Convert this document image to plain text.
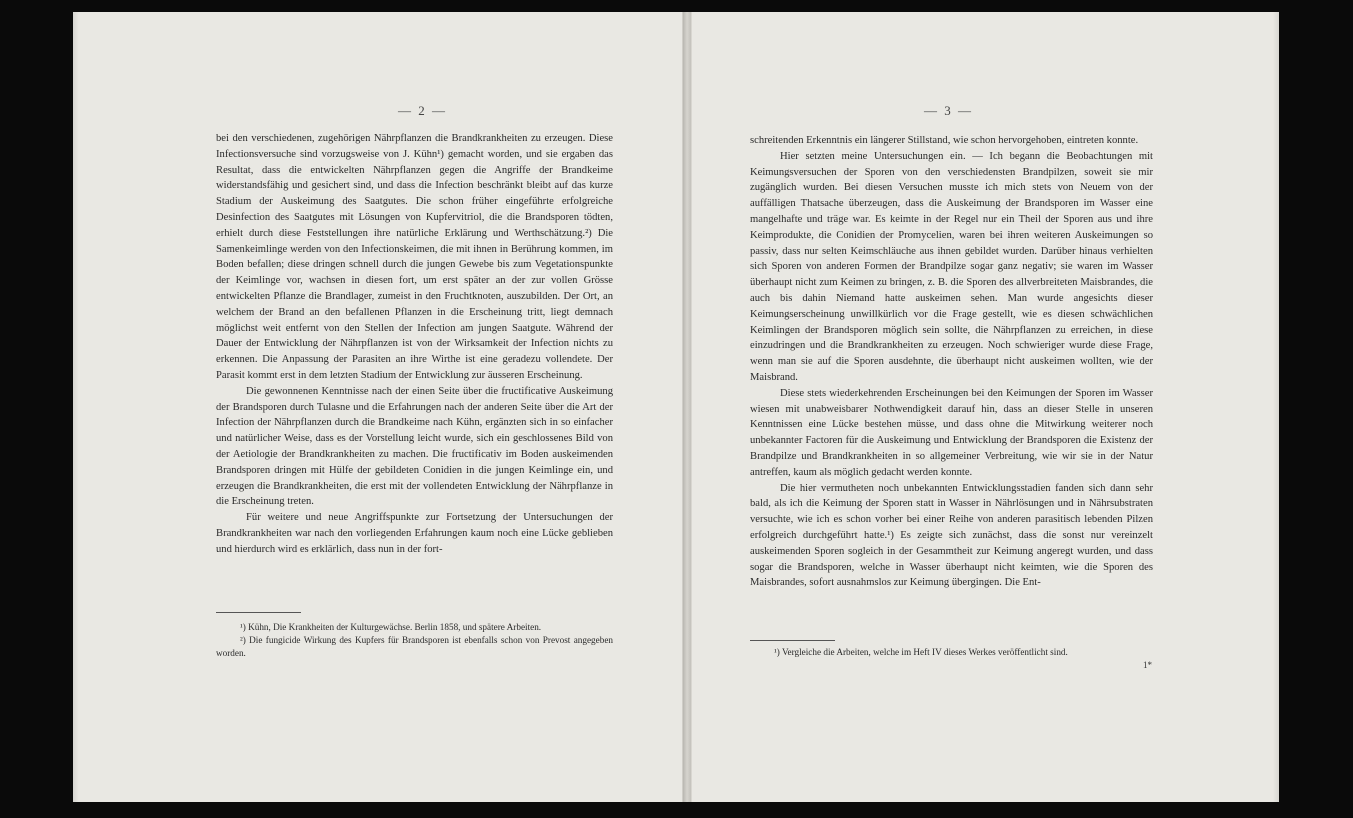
— 2 —

bei den verschiedenen, zugehörigen Nährpflanzen die Brandkrankheiten zu erzeugen. Diese Infectionsversuche sind vorzugsweise von J. Kühn¹) gemacht worden, und sie ergaben das Resultat, dass die entwickelten Nährpflanzen gegen die Angriffe der Brandkeime widerstandsfähig und gesichert sind, und dass die Infection beschränkt bleibt auf das kurze Stadium der Auskeimung des Saatgutes. Die schon früher eingeführte erfolgreiche Desinfection des Saatgutes mit Lösungen von Kupfervitriol, die die Brandsporen tödten, erhielt durch diese Feststellungen ihre natürliche Erklärung und Werthschätzung.²) Die Samenkeimlinge werden von den Infectionskeimen, die mit ihnen in Berührung kommen, im Boden befallen; diese dringen schnell durch die jungen Gewebe bis zum Vegetationspunkte der Keimlinge vor, wachsen in diesen fort, um erst später an der zur vollen Grösse entwickelten Pflanze die Brandlager, zumeist in den Fruchtknoten, auszubilden. Der Ort, an welchem der Brand an den befallenen Pflanzen in die Erscheinung tritt, liegt demnach möglichst weit entfernt von den Stellen der Infection am jungen Saatgute. Während der Dauer der Entwicklung der Nährpflanzen ist von der Wirksamkeit der Infection nichts zu erkennen. Die Anpassung der Parasiten an ihre Wirthe ist eine geradezu vollendete. Der Parasit kommt erst in dem letzten Stadium der Entwicklung zur äusseren Erscheinung.

Die gewonnenen Kenntnisse nach der einen Seite über die fructificative Auskeimung der Brandsporen durch Tulasne und die Erfahrungen nach der anderen Seite über die Art der Infection der Nährpflanzen durch die Brandkeime nach Kühn, ergänzten sich in so einfacher und natürlicher Weise, dass es der Vorstellung leicht wurde, sich ein geschlossenes Bild von der Aetiologie der Brandkrankheiten zu machen. Die fructificativ im Boden auskeimenden Brandsporen dringen mit Hülfe der gebildeten Conidien in die jungen Keimlinge ein, und erzeugen die Brandkrankheiten, die erst mit der vollendeten Entwicklung der Nährpflanze in die Erscheinung treten.

Für weitere und neue Angriffspunkte zur Fortsetzung der Untersuchungen der Brandkrankheiten war nach den vorliegenden Erfahrungen kaum noch eine Lücke geblieben und hierdurch wird es erklärlich, dass nun in der fort-

¹) Kühn, Die Krankheiten der Kulturgewächse. Berlin 1858, und spätere Arbeiten.

²) Die fungicide Wirkung des Kupfers für Brandsporen ist ebenfalls schon von Prevost angegeben worden.

— 3 —

schreitenden Erkenntnis ein längerer Stillstand, wie schon hervorgehoben, eintreten konnte.

Hier setzten meine Untersuchungen ein. — Ich begann die Beobachtungen mit Keimungsversuchen der Sporen von den verschiedensten Brandpilzen, soweit sie mir zugänglich wurden. Bei diesen Versuchen musste ich mich stets von Neuem von der auffälligen Thatsache überzeugen, dass die Auskeimung der Brandsporen im Wasser eine mangelhafte und träge war. Es keimte in der Regel nur ein Theil der Sporen aus und ihre Keimprodukte, die Conidien der Promycelien, waren bei ihren weiteren Auskeimungen so passiv, dass nur selten Keimschläuche aus ihnen gebildet wurden. Darüber hinaus verhielten sich Sporen von anderen Formen der Brandpilze sogar ganz negativ; sie waren im Wasser überhaupt nicht zum Keimen zu bringen, z. B. die Sporen des allverbreiteten Maisbrandes, die auch bis dahin Niemand hatte auskeimen sehen. Man wurde angesichts dieser Keimungserscheinung unwillkürlich vor die Frage gestellt, wie es diesen schwächlichen Keimlingen der Brandsporen möglich sein sollte, die Nährpflanzen zu erreichen, in diese einzudringen und die Brandkrankheiten zu erzeugen. Noch schwieriger wurde diese Frage, wenn man sie auf die Sporen ausdehnte, die überhaupt nicht auskeimen wollten, wie der Maisbrand.

Diese stets wiederkehrenden Erscheinungen bei den Keimungen der Sporen im Wasser wiesen mit unabweisbarer Nothwendigkeit darauf hin, dass an dieser Stelle in unseren Kenntnissen eine Lücke bestehen müsse, und dass ohne die Mitwirkung weiterer noch unbekannter Factoren für die Auskeimung und Entwicklung der Brandsporen die Existenz der Brandpilze und Brandkrankheiten in so allgemeiner Verbreitung, wie wir sie in der Natur antreffen, kaum als möglich gedacht werden konnte.

Die hier vermutheten noch unbekannten Entwicklungsstadien fanden sich dann sehr bald, als ich die Keimung der Sporen statt in Wasser in Nährlösungen und in Nährsubstraten versuchte, wie ich es schon vorher bei einer Reihe von anderen parasitisch lebenden Pilzen erfolgreich durchgeführt hatte.¹) Es zeigte sich zunächst, dass die sonst nur vereinzelt auskeimenden Sporen sogleich in der Gesammtheit zur Keimung angeregt wurden, und dass sogar die Brandsporen, welche in Wasser überhaupt nicht keimten, wie die Sporen des Maisbrandes, sofort ausnahmslos zur Keimung übergingen. Die Ent-

¹) Vergleiche die Arbeiten, welche im Heft IV dieses Werkes veröffentlicht sind.

1*
